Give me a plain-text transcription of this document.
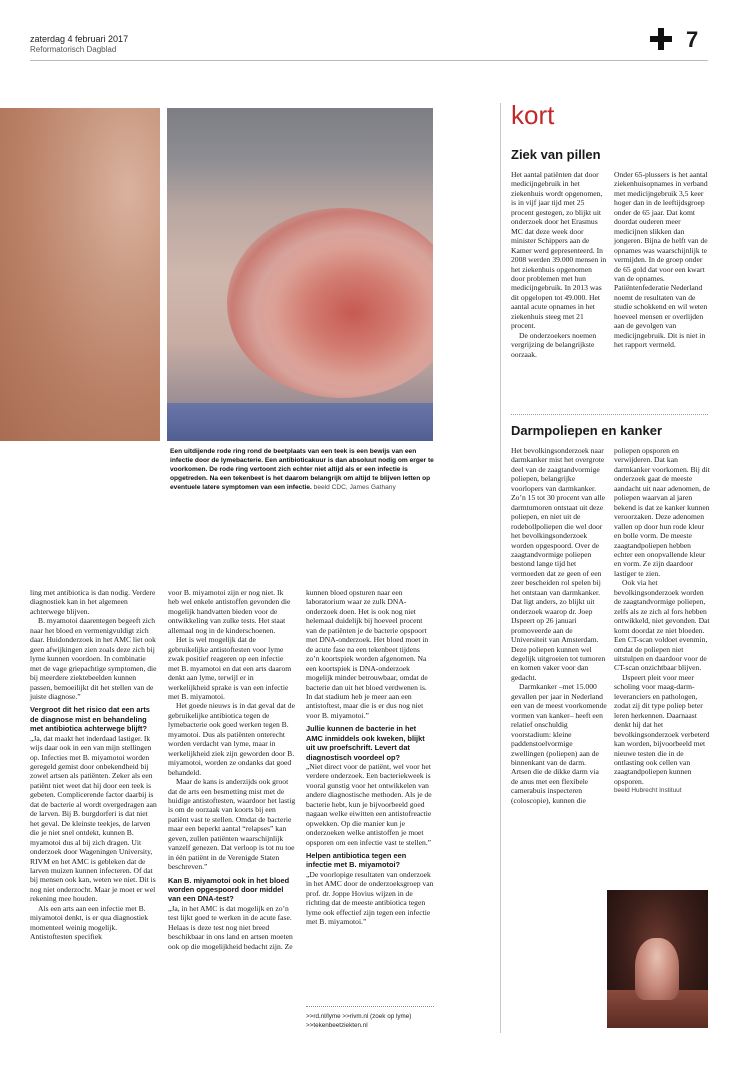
zaterdag 4 februari 2017
Reformatorisch Dagblad	7
Een uitdijende rode ring rond de beetplaats van een teek is een bewijs van een infectie door de lymebacterie. Een antibioticakuur is dan absoluut nodig om erger te voorkomen. De rode ring vertoont zich echter niet altijd als er een infectie is opgetreden. Na een tekenbeet is het daarom belangrijk om altijd te blijven letten op eventuele latere symptomen van een infectie. beeld CDC, James Gathany

ling met antibiotica is dan nodig. Verdere diagnostiek kan in het algemeen achterwege blijven.

B. myamotoi daarentegen begeeft zich naar het bloed en vermenigvuldigt zich daar. Huidonderzoek in het AMC liet ook geen afwijkingen zien zoals deze zich bij lyme kunnen voordoen. In combinatie met de vage griepachtige symptomen, die bij meerdere ziektebeelden kunnen passen, bemoeilijkt dit het stellen van de juiste diagnose.”

Vergroot dit het risico dat een arts de diagnose mist en behandeling met antibiotica achterwege blijft?

„Ja, dat maakt het inderdaad lastiger. Ik wijs daar ook in een van mijn stellingen op. Infecties met B. miyamotoi worden geregeld gemist door onbekendheid bij zowel artsen als patiënten. Zeker als een patiënt niet weet dat hij door een teek is gebeten. Complicerende factor daarbij is dat de bacterie al wordt overgedragen aan de larven. Bij B. burgdorferi is dat niet het geval. De kleinste teekjes, de larven die je niet snel ontdekt, kunnen B. myamotoi dus al bij zich dragen. Uit onderzoek door Wageningen University, RIVM en het AMC is gebleken dat de larven muizen kunnen infecteren. Of dat bij mensen ook kan, weten we niet. Dit is nog niet onderzocht. Maar je moet er wel rekening mee houden.

Als een arts aan een infectie met B. miyamotoi denkt, is er qua diagnostiek momenteel weinig mogelijk. Antistoftesten specifiek

voor B. miyamotoi zijn er nog niet. Ik heb wel enkele antistoffen gevonden die mogelijk handvatten bieden voor de ontwikkeling van zulke tests. Het staat allemaal nog in de kinderschoenen.

Het is wel mogelijk dat de gebruikelijke antistoftesten voor lyme zwak positief reageren op een infectie met B. myamotoi en dat een arts daarom denkt aan lyme, terwijl er in werkelijkheid sprake is van een infectie met B. miyamotoi.

Het goede nieuws is in dat geval dat de gebruikelijke antibiotica tegen de lymebacterie ook goed werken tegen B. myamotoi. Dus als patiënten onterecht worden verdacht van lyme, maar in werkelijkheid ziek zijn geworden door B. miyamotoi, worden ze ondanks dat goed behandeld.

Maar de kans is anderzijds ook groot dat de arts een besmetting mist met de huidige antistoftesten, waardoor het lastig is om de oorzaak van koorts bij een patiënt vast te stellen. Omdat de bacterie maar een beperkt aantal “relapses” kan geven, zullen patiënten waarschijnlijk vanzelf genezen. Dat verloop is tot nu toe in één patiënt in de Verenigde Staten beschreven.”

Kan B. miyamotoi ook in het bloed worden opgespoord door middel van een DNA-test?

„Ja, in het AMC is dat mogelijk en zo’n test lijkt goed te werken in de acute fase. Helaas is deze test nog niet breed beschikbaar in ons land en artsen moeten ook op die mogelijkheid bedacht zijn. Ze

kunnen bloed opsturen naar een laboratorium waar ze zulk DNA-onderzoek doen. Het is ook nog niet helemaal duidelijk bij hoeveel procent van de patiënten je de bacterie opspoort met DNA-onderzoek. Het bloed moet in de acute fase na een tekenbeet tijdens zo’n koortspiek worden afgenomen. Na een koortspiek is DNA-onderzoek mogelijk minder betrouwbaar, omdat de bacterie dan uit het bloed verdwenen is. In dat stadium heb je meer aan een antistoftest, maar die is er dus nog niet voor B. miyamotoi.”

Jullie kunnen de bacterie in het AMC inmiddels ook kweken, blijkt uit uw proefschrift. Levert dat diagnostisch voordeel op?

„Niet direct voor de patiënt, wel voor het verdere onderzoek. Een bacteriekweek is vooral gunstig voor het ontwikkelen van andere diagnostische methoden. Als je de bacterie hebt, kun je bijvoorbeeld goed nagaan welke eiwitten een antistofreactie opwekken. Op die manier kun je onderzoeken welke antistoffen je moet opsporen om een infectie vast te stellen.”

Helpen antibiotica tegen een infectie met B. miyamotoi?

„De voorlopige resultaten van onderzoek in het AMC door de onderzoeksgroep van prof. dr. Joppe Hovius wijzen in de richting dat de meeste antibiotica tegen lyme ook effectief zijn tegen een infectie met B. miyamotoi.”

>>rd.nl/lyme >>rivm.nl (zoek op lyme)
>>tekenbeetziekten.nl
kort
Ziek van pillen

Het aantal patiënten dat door medicijngebruik in het ziekenhuis wordt opgenomen, is in vijf jaar tijd met 25 procent gestegen, zo blijkt uit onderzoek door het Erasmus MC dat deze week door minister Schippers aan de Kamer werd gepresenteerd. In 2008 werden 39.000 mensen in het ziekenhuis opgenomen door problemen met hun medicijngebruik. In 2013 was dit opgelopen tot 49.000. Het aantal acute opnames in het ziekenhuis steeg met 21 procent.

De onderzoekers noemen vergrijzing de belangrijkste oorzaak.

Onder 65-plussers is het aantal ziekenhuisopnames in verband met medicijngebruik 3,5 keer hoger dan in de leeftijdsgroep onder de 65 jaar. Dat komt doordat ouderen meer medicijnen slikken dan jongeren. Bijna de helft van de opnames was waarschijnlijk te vermijden. In de groep onder de 65 gold dat voor een kwart van de opnames. Patiëntenfederatie Nederland noemt de resultaten van de studie schokkend en wil weten hoeveel mensen er overlijden aan de gevolgen van medicijngebruik. Dit is niet in het rapport vermeld.

Darmpoliepen en kanker

Het bevolkingsonderzoek naar darmkanker mist het overgrote deel van de zaagtandvormige poliepen, belangrijke voorlopers van darmkanker. Zo’n 15 tot 30 procent van alle darmtumoren ontstaat uit deze poliepen, en niet uit de rodebollpoliepen die wel door het bevolkingsonderzoek worden opgespoord. Over de zaagtandvormige poliepen bestond lange tijd het vermoeden dat ze geen of een zeer bescheiden rol spelen bij het ontstaan van darmkanker. Dat ligt anders, zo blijkt uit onderzoek waarop dr. Joep IJspeert op 26 januari promoveerde aan de Universiteit van Amsterdam. Deze poliepen kunnen wel degelijk uitgroeien tot tumoren en komen vaker voor dan gedacht.

Darmkanker –met 15.000 gevallen per jaar in Nederland een van de meest voorkomende vormen van kanker– heeft een relatief onschuldig voorstadium: kleine paddenstoelvormige zwellingen (poliepen) aan de binnenkant van de darm. Artsen die de dikke darm via de anus met een flexibele camerabuis inspecteren (coloscopie), kunnen die

poliepen opsporen en verwijderen. Dat kan darmkanker voorkomen. Bij dit onderzoek gaat de meeste aandacht uit naar adenomen, de poliepen waarvan al jaren bekend is dat ze kanker kunnen veroorzaken. Deze adenomen vallen op door hun rode kleur en bolle vorm. De meeste zaagtandpoliepen hebben echter een onopvallende kleur en vorm. Ze zijn daardoor lastiger te zien.

Ook via het bevolkingsonderzoek worden de zaagtandvormige poliepen, zelfs als ze zich al fors hebben ontwikkeld, niet gevonden. Dat komt doordat ze niet bloeden. Een CT-scan voldoet evenmin, omdat de poliepen niet uitstulpen en daardoor voor de CT-scan onzichtbaar blijven.

IJspeert pleit voor meer scholing voor maag-darm-leveranciers en pathologen, zodat zij dit type poliep beter leren herkennen. Daarnaast denkt hij dat het bevolkingsonderzoek verbeterd kan worden, bijvoorbeeld met nieuwe testen die in de ontlasting ook cellen van zaagtandpoliepen kunnen opsporen.

beeld Hubrecht Instituut
